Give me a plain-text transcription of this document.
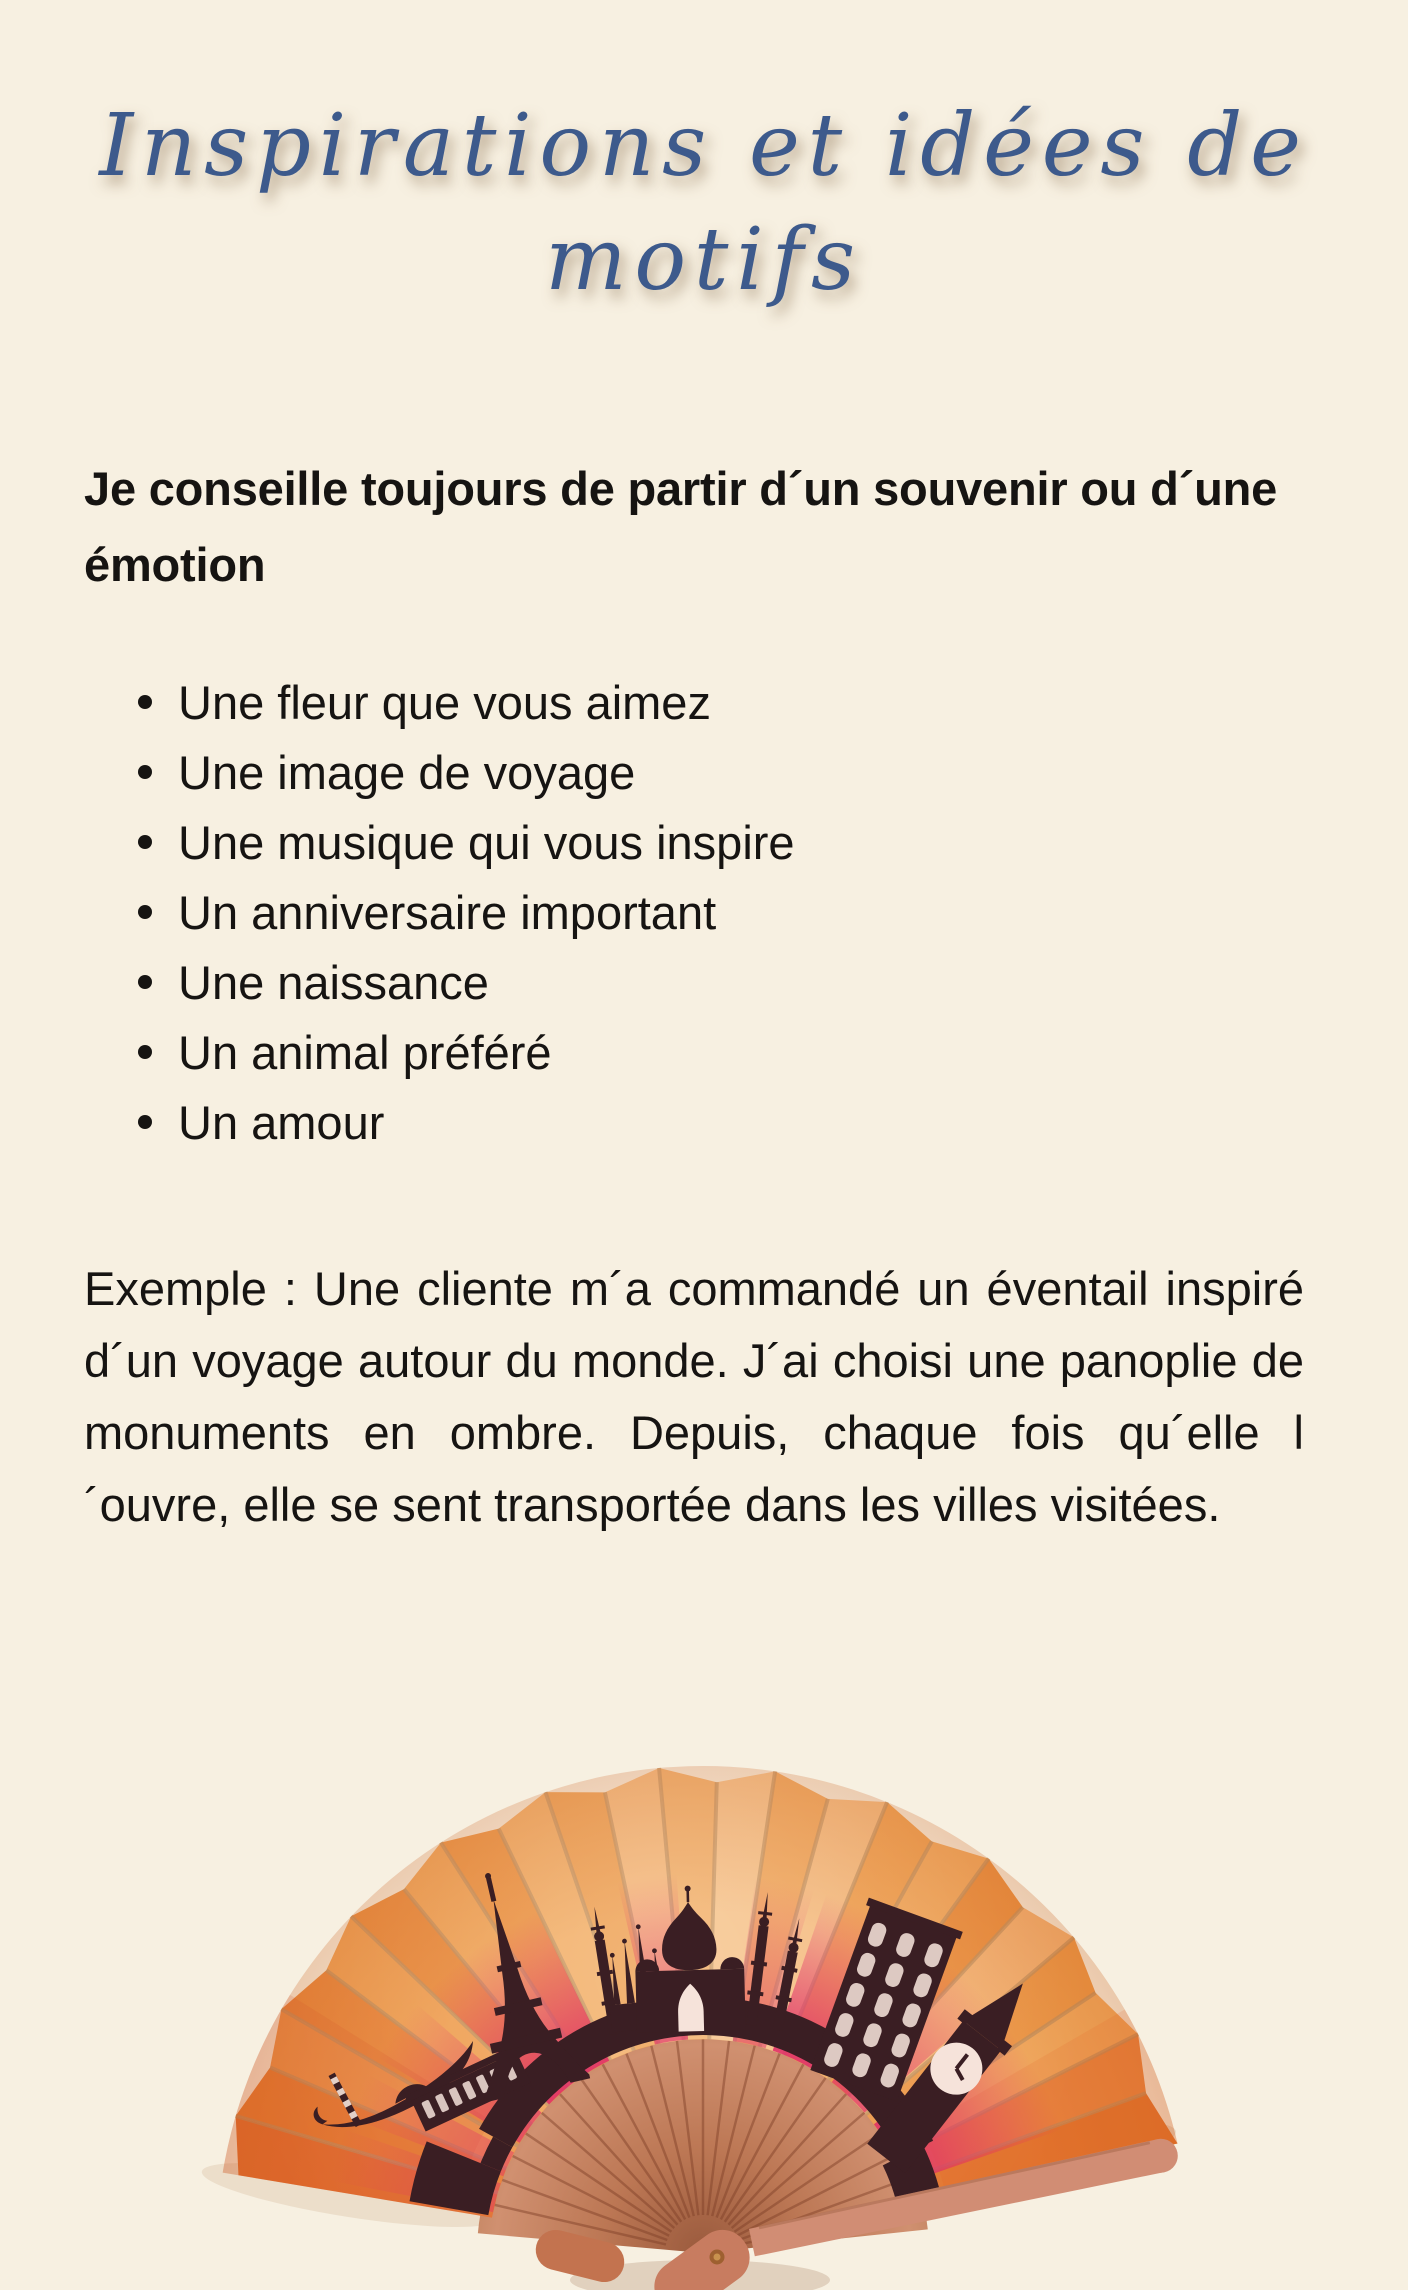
Inspirations et idées de
motifs
Je conseille toujours de partir d´un souvenir ou d´une émotion
Une fleur que vous aimez
Une image de voyage
Une musique qui vous inspire
Un anniversaire important
Une naissance
Un animal préféré
Un amour
Exemple : Une cliente m´a commandé un éventail inspiré d´un voyage autour du monde. J´ai choisi une panoplie de monuments en ombre. Depuis, chaque fois qu´elle l´ouvre, elle se sent transportée dans les villes visitées.
